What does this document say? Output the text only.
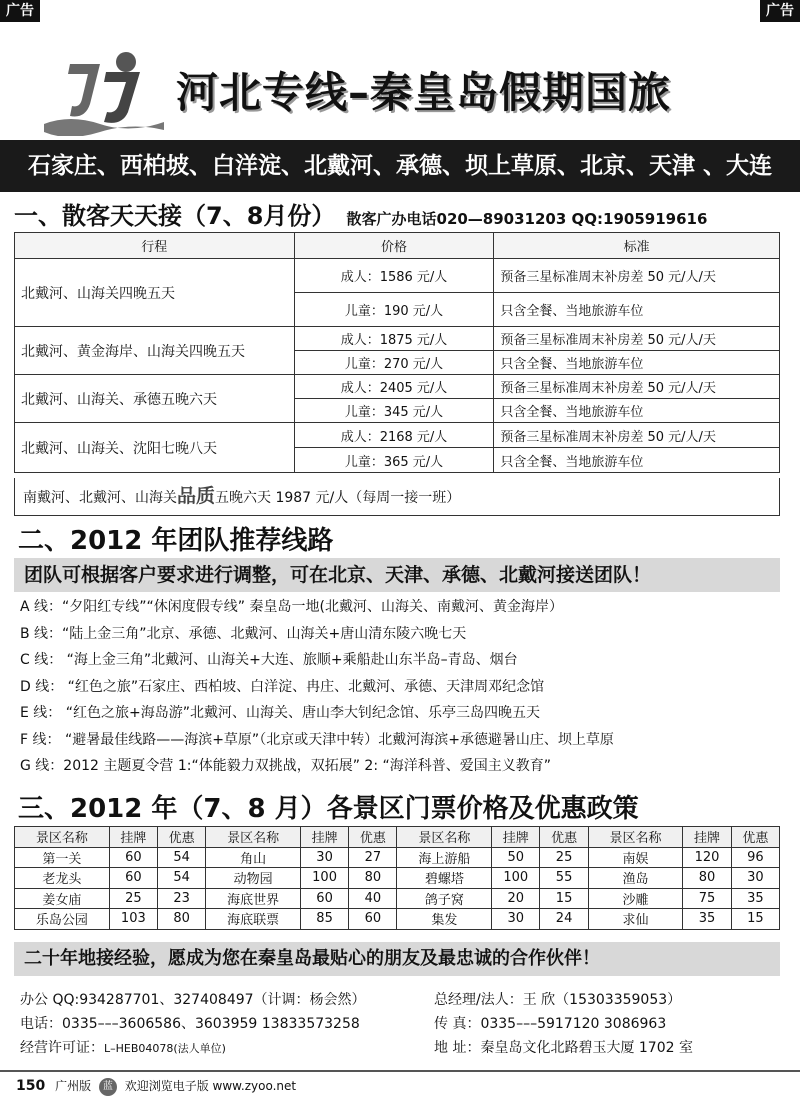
广告	广告
河北专线–秦皇岛假期国旅
石家庄、西柏坡、白洋淀、北戴河、承德、坝上草原、北京、天津 、大连
一、散客天天接（7、8月份） 散客广办电话020—89031203 QQ:1905919616
行程	价格	标准
北戴河、山海关四晚五天	成人：1586 元/人	预备三星标准周末补房差 50 元/人/天
	儿童：190 元/人	只含全餐、当地旅游车位
北戴河、黄金海岸、山海关四晚五天	成人：1875 元/人	预备三星标准周末补房差 50 元/人/天
	儿童：270 元/人	只含全餐、当地旅游车位
北戴河、山海关、承德五晚六天	成人：2405 元/人	预备三星标准周末补房差 50 元/人/天
	儿童：345 元/人	只含全餐、当地旅游车位
北戴河、山海关、沈阳七晚八天	成人：2168 元/人	预备三星标准周末补房差 50 元/人/天
	儿童：365 元/人	只含全餐、当地旅游车位
南戴河、北戴河、山海关品质五晚六天 1987 元/人（每周一接一班）
二、2012 年团队推荐线路
团队可根据客户要求进行调整，可在北京、天津、承德、北戴河接送团队！
A 线：“夕阳红专线”“休闲度假专线” 秦皇岛一地(北戴河、山海关、南戴河、黄金海岸）
B 线：“陆上金三角”北京、承德、北戴河、山海关+唐山清东陵六晚七天
C 线： “海上金三角”北戴河、山海关+大连、旅顺+乘船赴山东半岛–青岛、烟台
D 线： “红色之旅”石家庄、西柏坡、白洋淀、冉庄、北戴河、承德、天津周邓纪念馆
E 线： “红色之旅+海岛游”北戴河、山海关、唐山李大钊纪念馆、乐亭三岛四晚五天
F 线： “避暑最佳线路——海滨+草原”（北京或天津中转）北戴河海滨+承德避暑山庄、坝上草原
G 线：2012 主题夏令营 1:“体能毅力双挑战，双拓展” 2: “海洋科普、爱国主义教育”
三、2012 年（7、8 月）各景区门票价格及优惠政策
景区名称	挂牌	优惠	景区名称	挂牌	优惠	景区名称	挂牌	优惠	景区名称	挂牌	优惠
第一关	60	54	角山	30	27	海上游船	50	25	南娱	120	96
老龙头	60	54	动物园	100	80	碧螺塔	100	55	渔岛	80	30
姜女庙	25	23	海底世界	60	40	鸽子窝	20	15	沙雕	75	35
乐岛公园	103	80	海底联票	85	60	集发	30	24	求仙	35	15
二十年地接经验，愿成为您在秦皇岛最贴心的朋友及最忠诚的合作伙伴！
办公 QQ:934287701、327408497（计调：杨会然）
电话：0335–––3606586、3603959 13833573258
经营许可证：L–HEB04078(法人单位)
总经理/法人：王 欣（15303359053）
传 真：0335–––5917120 3086963
地 址：秦皇岛文化北路碧玉大厦 1702 室
150 广州版 蓝 欢迎浏览电子版 www.zyoo.net
